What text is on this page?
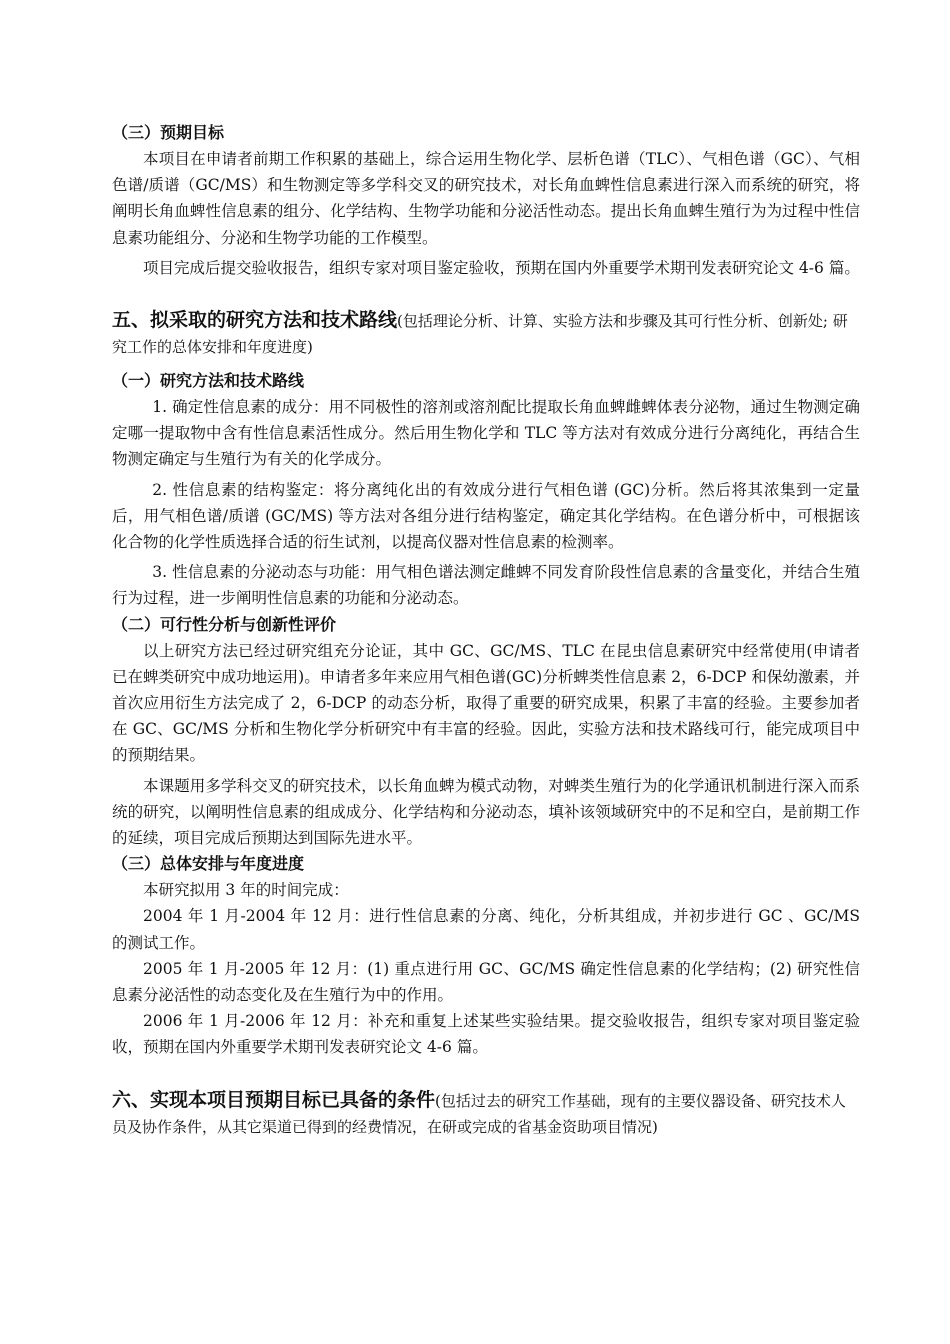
（三）预期目标
本项目在申请者前期工作积累的基础上，综合运用生物化学、层析色谱（TLC）、气相色谱（GC）、气相色谱/质谱（GC/MS）和生物测定等多学科交叉的研究技术，对长角血蜱性信息素进行深入而系统的研究，将阐明长角血蜱性信息素的组分、化学结构、生物学功能和分泌活性动态。提出长角血蜱生殖行为为过程中性信息素功能组分、分泌和生物学功能的工作模型。
项目完成后提交验收报告，组织专家对项目鉴定验收，预期在国内外重要学术期刊发表研究论文 4-6 篇。
五、拟采取的研究方法和技术路线(包括理论分析、计算、实验方法和步骤及其可行性分析、创新处; 研究工作的总体安排和年度进度)
（一）研究方法和技术路线
1. 确定性信息素的成分：用不同极性的溶剂或溶剂配比提取长角血蜱雌蜱体表分泌物，通过生物测定确定哪一提取物中含有性信息素活性成分。然后用生物化学和 TLC 等方法对有效成分进行分离纯化，再结合生物测定确定与生殖行为有关的化学成分。
2. 性信息素的结构鉴定：将分离纯化出的有效成分进行气相色谱 (GC)分析。然后将其浓集到一定量后，用气相色谱/质谱 (GC/MS) 等方法对各组分进行结构鉴定，确定其化学结构。在色谱分析中，可根据该化合物的化学性质选择合适的衍生试剂，以提高仪器对性信息素的检测率。
3. 性信息素的分泌动态与功能：用气相色谱法测定雌蜱不同发育阶段性信息素的含量变化，并结合生殖行为过程，进一步阐明性信息素的功能和分泌动态。
（二）可行性分析与创新性评价
以上研究方法已经过研究组充分论证，其中 GC、GC/MS、TLC 在昆虫信息素研究中经常使用(申请者已在蜱类研究中成功地运用)。申请者多年来应用气相色谱(GC)分析蜱类性信息素 2，6-DCP 和保幼激素，并首次应用衍生方法完成了 2，6-DCP 的动态分析，取得了重要的研究成果，积累了丰富的经验。主要参加者在 GC、GC/MS 分析和生物化学分析研究中有丰富的经验。因此，实验方法和技术路线可行，能完成项目中的预期结果。
本课题用多学科交叉的研究技术，以长角血蜱为模式动物，对蜱类生殖行为的化学通讯机制进行深入而系统的研究，以阐明性信息素的组成成分、化学结构和分泌动态，填补该领域研究中的不足和空白，是前期工作的延续，项目完成后预期达到国际先进水平。
（三）总体安排与年度进度
本研究拟用 3 年的时间完成：
2004 年 1 月-2004 年 12 月：进行性信息素的分离、纯化，分析其组成，并初步进行 GC 、GC/MS 的测试工作。
2005 年 1 月-2005 年 12 月：(1) 重点进行用 GC、GC/MS 确定性信息素的化学结构；(2) 研究性信息素分泌活性的动态变化及在生殖行为中的作用。
2006 年 1 月-2006 年 12 月：补充和重复上述某些实验结果。提交验收报告，组织专家对项目鉴定验收，预期在国内外重要学术期刊发表研究论文 4-6 篇。
六、实现本项目预期目标已具备的条件(包括过去的研究工作基础，现有的主要仪器设备、研究技术人员及协作条件，从其它渠道已得到的经费情况，在研或完成的省基金资助项目情况)
